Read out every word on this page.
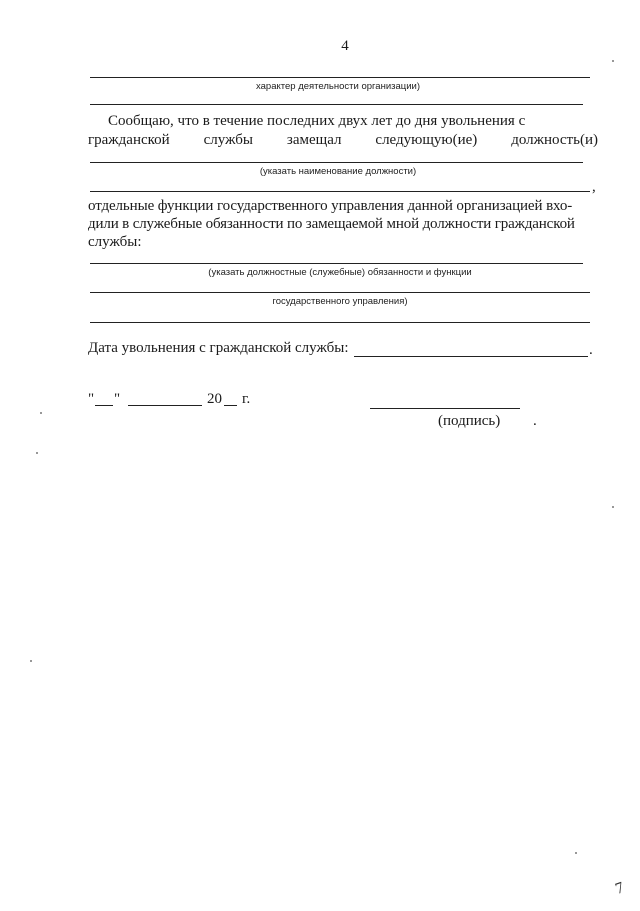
4
характер деятельности организации)
Сообщаю, что в течение последних двух лет до дня увольнения с
гражданской службы замещал следующую(ие) должность(и)
(указать наименование должности)
,
отдельные функции государственного управления данной организацией вхо-
дили в служебные обязанности по замещаемой мной должности гражданской
службы:
(указать должностные (служебные) обязанности и функции
государственного управления)
Дата увольнения с гражданской службы:	.
" "	20 г.
(подпись) .
7
